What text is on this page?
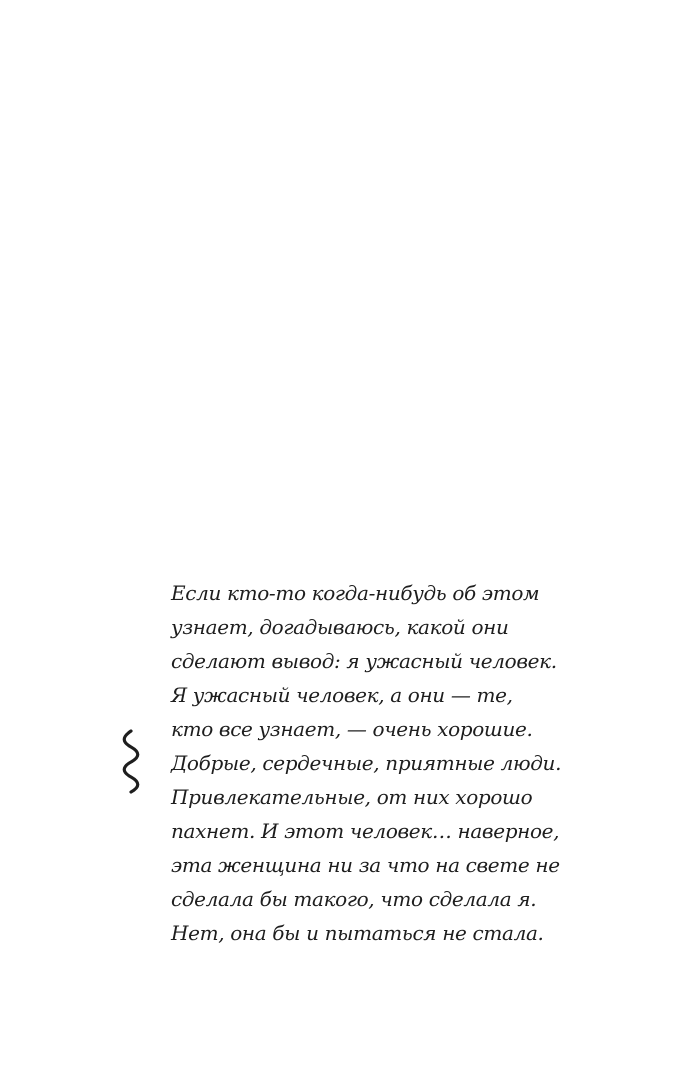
Если кто-то когда-нибудь об этом
узнает, догадываюсь, какой они
сделают вывод: я ужасный человек.
Я ужасный человек, а они — те,
кто все узнает, — очень хорошие.
Добрые, сердечные, приятные люди.
Привлекательные, от них хорошо
пахнет. И этот человек… наверное,
эта женщина ни за что на свете не
сделала бы такого, что сделала я.
Нет, она бы и пытаться не стала.
